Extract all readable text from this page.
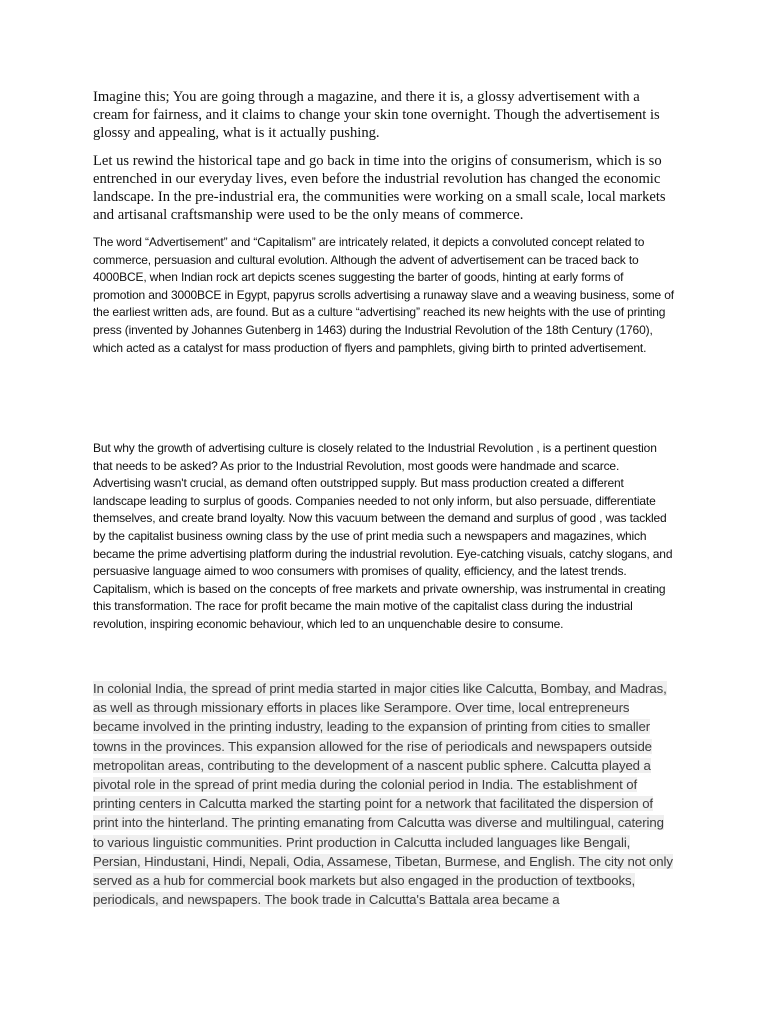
Imagine this; You are going through a magazine, and there it is, a glossy advertisement with a cream for fairness, and it claims to change your skin tone overnight. Though the advertisement is glossy and appealing, what is it actually pushing.

Let us rewind the historical tape and go back in time into the origins of consumerism, which is so entrenched in our everyday lives, even before the industrial revolution has changed the economic landscape. In the pre-industrial era, the communities were working on a small scale, local markets and artisanal craftsmanship were used to be the only means of commerce.

The word “Advertisement” and “Capitalism” are intricately related, it depicts a convoluted concept related to commerce, persuasion and cultural evolution. Although the advent of advertisement can be traced back to 4000BCE, when Indian rock art depicts scenes suggesting the barter of goods, hinting at early forms of promotion and 3000BCE in Egypt, papyrus scrolls advertising a runaway slave and a weaving business, some of the earliest written ads, are found. But as a culture “advertising” reached its new heights with the use of printing press (invented by Johannes Gutenberg in 1463) during the Industrial Revolution of the 18th Century (1760), which acted as a catalyst for mass production of flyers and pamphlets, giving birth to printed advertisement.

But why the growth of advertising culture is closely related to the Industrial Revolution , is a pertinent question that needs to be asked? As prior to the Industrial Revolution, most goods were handmade and scarce. Advertising wasn't crucial, as demand often outstripped supply. But mass production created a different landscape leading to surplus of goods. Companies needed to not only inform, but also persuade, differentiate themselves, and create brand loyalty. Now this vacuum between the demand and surplus of good , was tackled by the capitalist business owning class by the use of print media such a newspapers and magazines, which became the prime advertising platform during the industrial revolution. Eye-catching visuals, catchy slogans, and persuasive language aimed to woo consumers with promises of quality, efficiency, and the latest trends. Capitalism, which is based on the concepts of free markets and private ownership, was instrumental in creating this transformation. The race for profit became the main motive of the capitalist class during the industrial revolution, inspiring economic behaviour, which led to an unquenchable desire to consume.

In colonial India, the spread of print media started in major cities like Calcutta, Bombay, and Madras, as well as through missionary efforts in places like Serampore. Over time, local entrepreneurs became involved in the printing industry, leading to the expansion of printing from cities to smaller towns in the provinces. This expansion allowed for the rise of periodicals and newspapers outside metropolitan areas, contributing to the development of a nascent public sphere. Calcutta played a pivotal role in the spread of print media during the colonial period in India. The establishment of printing centers in Calcutta marked the starting point for a network that facilitated the dispersion of print into the hinterland. The printing emanating from Calcutta was diverse and multilingual, catering to various linguistic communities. Print production in Calcutta included languages like Bengali, Persian, Hindustani, Hindi, Nepali, Odia, Assamese, Tibetan, Burmese, and English. The city not only served as a hub for commercial book markets but also engaged in the production of textbooks, periodicals, and newspapers. The book trade in Calcutta's Battala area became a
